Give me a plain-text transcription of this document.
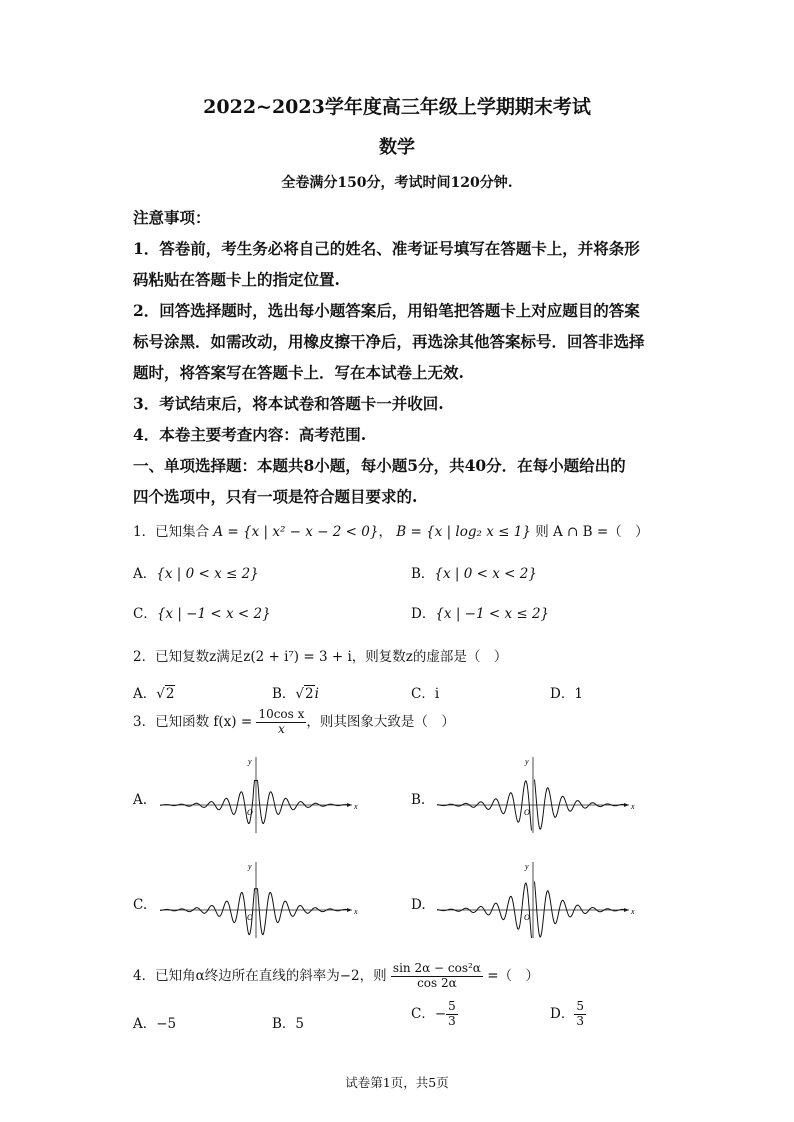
2022~2023学年度高三年级上学期期末考试
数学
全卷满分150分，考试时间120分钟.
注意事项：
1．答卷前，考生务必将自己的姓名、准考证号填写在答题卡上，并将条形
码粘贴在答题卡上的指定位置.
2．回答选择题时，选出每小题答案后，用铅笔把答题卡上对应题目的答案
标号涂黑．如需改动，用橡皮擦干净后，再选涂其他答案标号．回答非选择
题时，将答案写在答题卡上．写在本试卷上无效.
3．考试结束后，将本试卷和答题卡一并收回.
4．本卷主要考查内容：高考范围.
一、单项选择题：本题共8小题，每小题5分，共40分．在每小题给出的
四个选项中，只有一项是符合题目要求的.
1．已知集合 A = {x | x² − x − 2 < 0}， B = {x | log₂ x ≤ 1} 则 A ∩ B =（　）
A．{x | 0 < x ≤ 2}	B．{x | 0 < x < 2}
C．{x | −1 < x < 2}	D．{x | −1 < x ≤ 2}
2．已知复数z满足z(2 + i⁷) = 3 + i，则复数z的虚部是（　）
A．√2	B．√2i	C．i	D．1
3．已知函数 $f(x) = \frac{\text{10cos x}}{x}$ ，则其图象大致是（　）
A.	B.
C.	D.
x
y
O
x
y
O
x
y
O
x
y
O
4．已知角α终边所在直线的斜率为−2，则 $\frac{\text{sin 2α − cos²α}}{\cos 2\alpha}$ =（　）
A．−5	B．5
C．− $\frac{5}{3}$	D． $\frac{5}{3}$
试卷第1页，共5页
